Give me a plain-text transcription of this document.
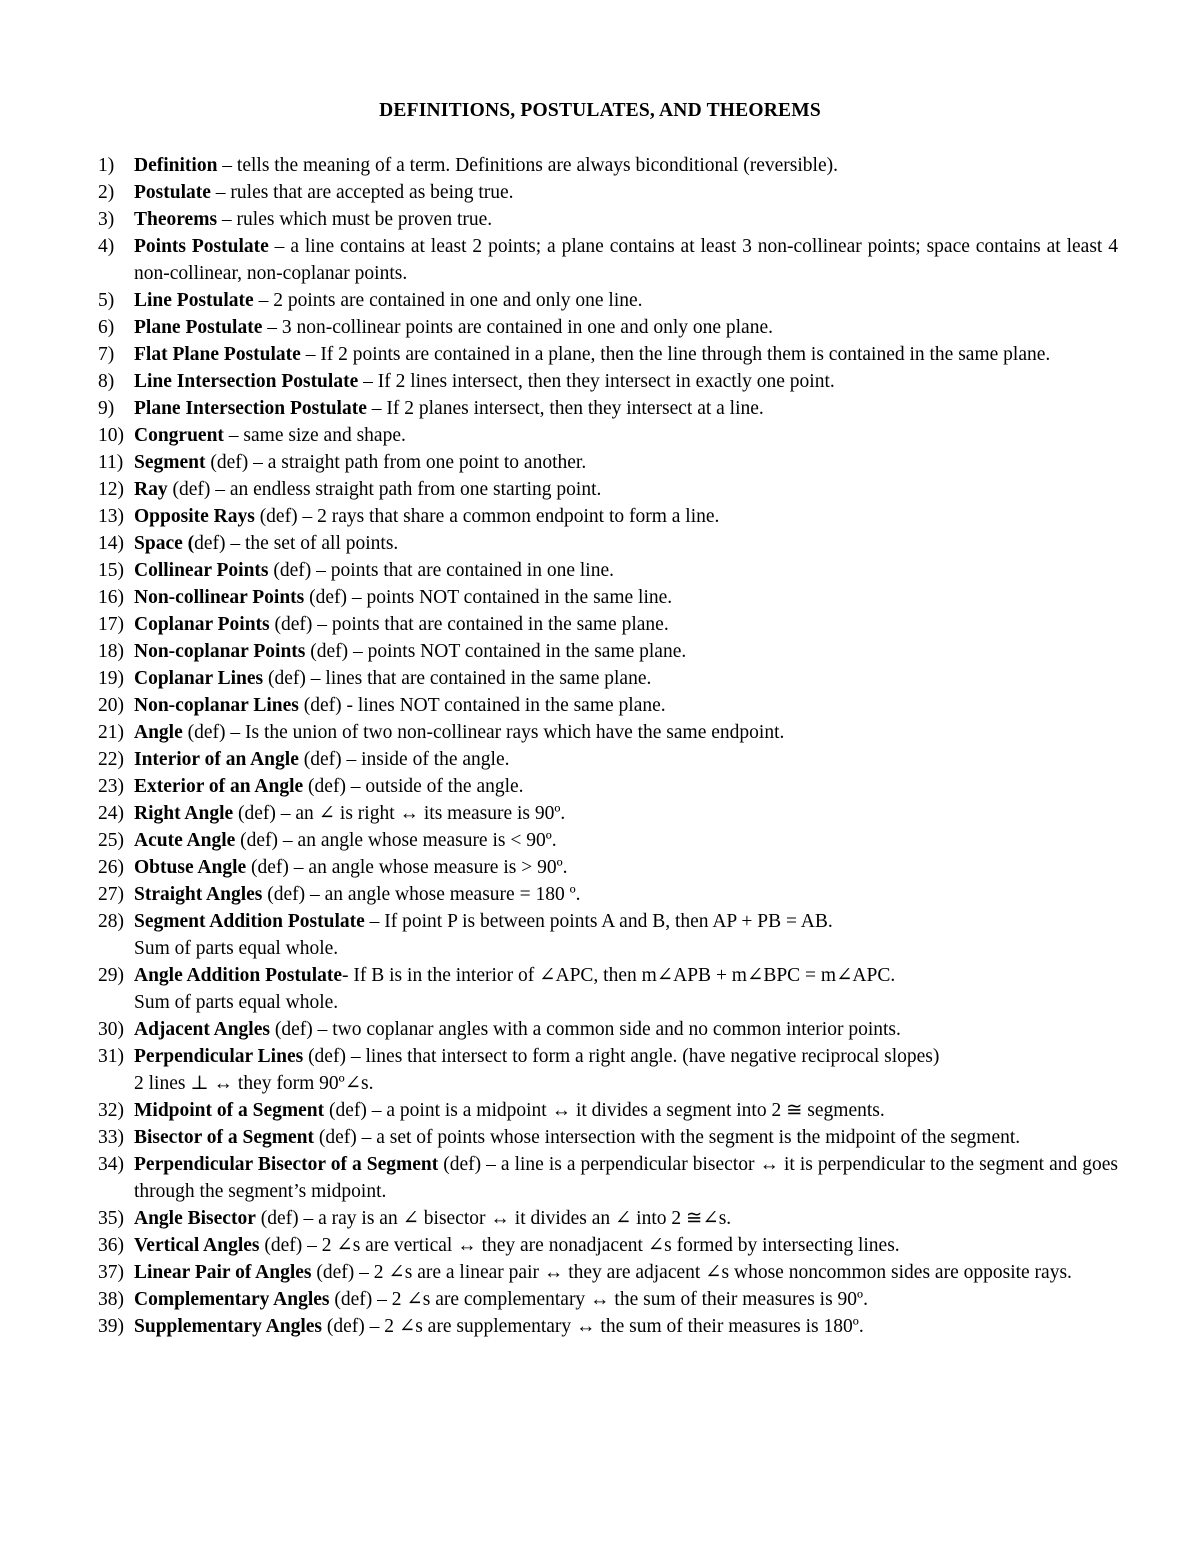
DEFINITIONS, POSTULATES, AND THEOREMS
1) Definition – tells the meaning of a term. Definitions are always biconditional (reversible).
2) Postulate – rules that are accepted as being true.
3) Theorems – rules which must be proven true.
4) Points Postulate – a line contains at least 2 points; a plane contains at least 3 non-collinear points; space contains at least 4 non-collinear, non-coplanar points.
5) Line Postulate – 2 points are contained in one and only one line.
6) Plane Postulate – 3 non-collinear points are contained in one and only one plane.
7) Flat Plane Postulate – If 2 points are contained in a plane, then the line through them is contained in the same plane.
8) Line Intersection Postulate – If 2 lines intersect, then they intersect in exactly one point.
9) Plane Intersection Postulate – If 2 planes intersect, then they intersect at a line.
10) Congruent – same size and shape.
11) Segment (def) – a straight path from one point to another.
12) Ray (def) – an endless straight path from one starting point.
13) Opposite Rays (def) – 2 rays that share a common endpoint to form a line.
14) Space (def) – the set of all points.
15) Collinear Points (def) – points that are contained in one line.
16) Non-collinear Points (def) – points NOT contained in the same line.
17) Coplanar Points (def) – points that are contained in the same plane.
18) Non-coplanar Points (def) – points NOT contained in the same plane.
19) Coplanar Lines (def) – lines that are contained in the same plane.
20) Non-coplanar Lines (def) - lines NOT contained in the same plane.
21) Angle (def) – Is the union of two non-collinear rays which have the same endpoint.
22) Interior of an Angle (def) – inside of the angle.
23) Exterior of an Angle (def) – outside of the angle.
24) Right Angle (def) – an ∠ is right ↔ its measure is 90º.
25) Acute Angle (def) – an angle whose measure is < 90º.
26) Obtuse Angle (def) – an angle whose measure is > 90º.
27) Straight Angles (def) – an angle whose measure = 180 º.
28) Segment Addition Postulate – If point P is between points A and B, then AP + PB = AB.
Sum of parts equal whole.
29) Angle Addition Postulate- If B is in the interior of ∠APC, then m∠APB + m∠BPC = m∠APC.
Sum of parts equal whole.
30) Adjacent Angles (def) – two coplanar angles with a common side and no common interior points.
31) Perpendicular Lines (def) – lines that intersect to form a right angle. (have negative reciprocal slopes)
2 lines ⊥ ↔ they form 90º∠s.
32) Midpoint of a Segment (def) – a point is a midpoint ↔ it divides a segment into 2 ≅ segments.
33) Bisector of a Segment (def) – a set of points whose intersection with the segment is the midpoint of the segment.
34) Perpendicular Bisector of a Segment (def) – a line is a perpendicular bisector ↔ it is perpendicular to the segment and goes through the segment’s midpoint.
35) Angle Bisector (def) – a ray is an ∠ bisector ↔ it divides an ∠ into 2 ≅∠s.
36) Vertical Angles (def) – 2 ∠s are vertical ↔ they are nonadjacent ∠s formed by intersecting lines.
37) Linear Pair of Angles (def) – 2 ∠s are a linear pair ↔ they are adjacent ∠s whose noncommon sides are opposite rays.
38) Complementary Angles (def) – 2 ∠s are complementary ↔ the sum of their measures is 90º.
39) Supplementary Angles (def) – 2 ∠s are supplementary ↔ the sum of their measures is 180º.
